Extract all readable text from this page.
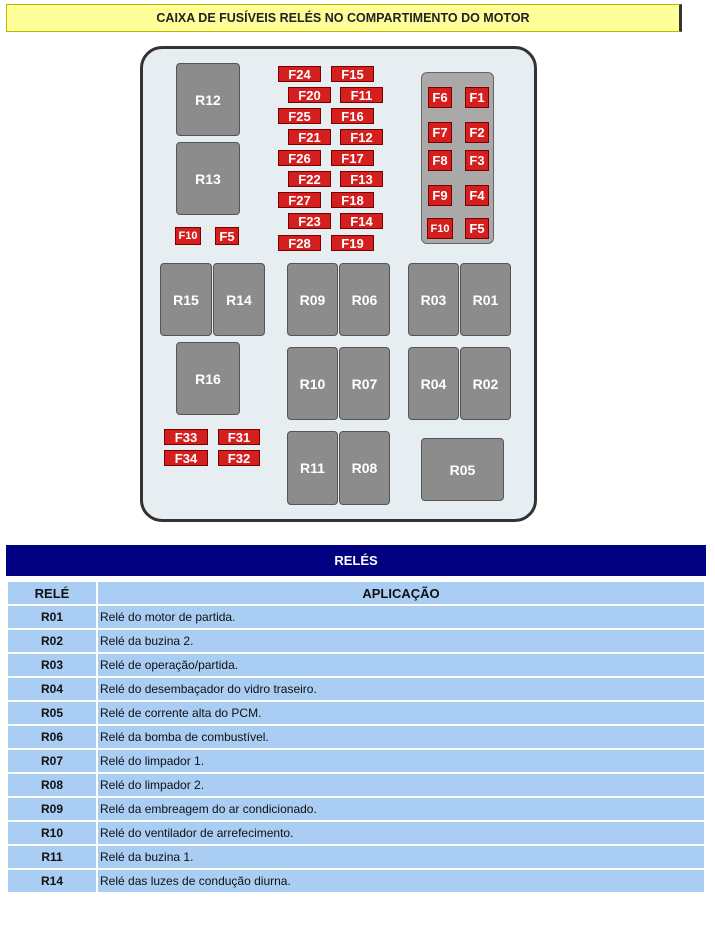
CAIXA DE FUSÍVEIS RELÉS NO COMPARTIMENTO DO MOTOR
R12
R13
F10	F5
R15	R14
R16
F33	F31
F34	F32
F24	F15
F20	F11
F25	F16
F21	F12
F26	F17
F22	F13
F27	F18
F23	F14
F28	F19
R09	R06
R10	R07
R11	R08
F6	F1
F7	F2
F8	F3
F9	F4
F10	F5
R03	R01
R04	R02
R05
RELÉS
RELÉ	APLICAÇÃO
R01	Relé do motor de partida.
R02	Relé da buzina 2.
R03	Relé de operação/partida.
R04	Relé do desembaçador do vidro traseiro.
R05	Relé de corrente alta do PCM.
R06	Relé da bomba de combustível.
R07	Relé do limpador 1.
R08	Relé do limpador 2.
R09	Relé da embreagem do ar condicionado.
R10	Relé do ventilador de arrefecimento.
R11	Relé da buzina 1.
R14	Relé das luzes de condução diurna.
